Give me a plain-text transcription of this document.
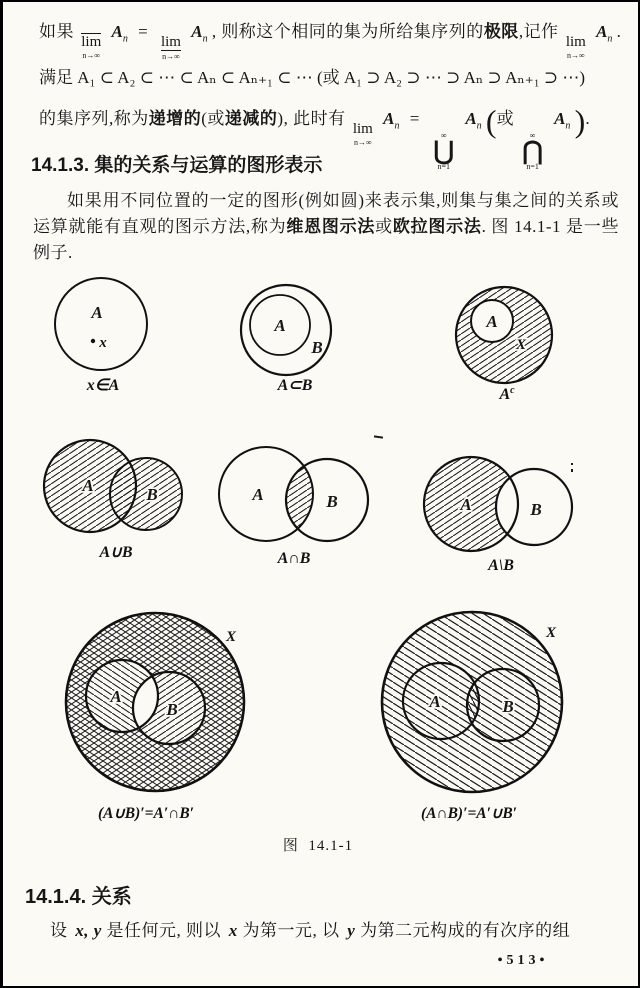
如果
lim
n→∞
$A_n$ =
lim
n→∞
$A_n$ , 则称这个相同的集为所给集序列的极限,记作
lim
n→∞
$A_n$ .
满足 A₁ ⊂ A₂ ⊂ ⋯ ⊂ Aₙ ⊂ Aₙ₊₁ ⊂ ⋯ (或 A₁ ⊃ A₂ ⊃ ⋯ ⊃ Aₙ ⊃ Aₙ₊₁ ⊃ ⋯)
的集序列,称为递增的(或递减的), 此时有
lim
n→∞
$A_n$ =
∞
⋃
n=1
$A_n$ (或
∞
⋂
n=1
$A_n$ ).
14.1.3. 集的关系与运算的图形表示

如果用不同位置的一定的图形(例如圆)来表示集,则集与集之间的关系或运算就能有直观的图示方法,称为维恩图示法或欧拉图示法. 图 14.1-1 是一些例子.

A
x
x∈A
A
B
A⊂B
A
X
$A^c$
A	B
A∪B
A	B
A∩B
A	B
A\B
A
B
X
(A∪B)′=A′∩B′
A	B
X
(A∩B)′=A′∪B′
图  14.1-1
14.1.4. 关系

设 x, y 是任何元, 则以 x 为第一元, 以 y 为第二元构成的有次序的组

•513•
